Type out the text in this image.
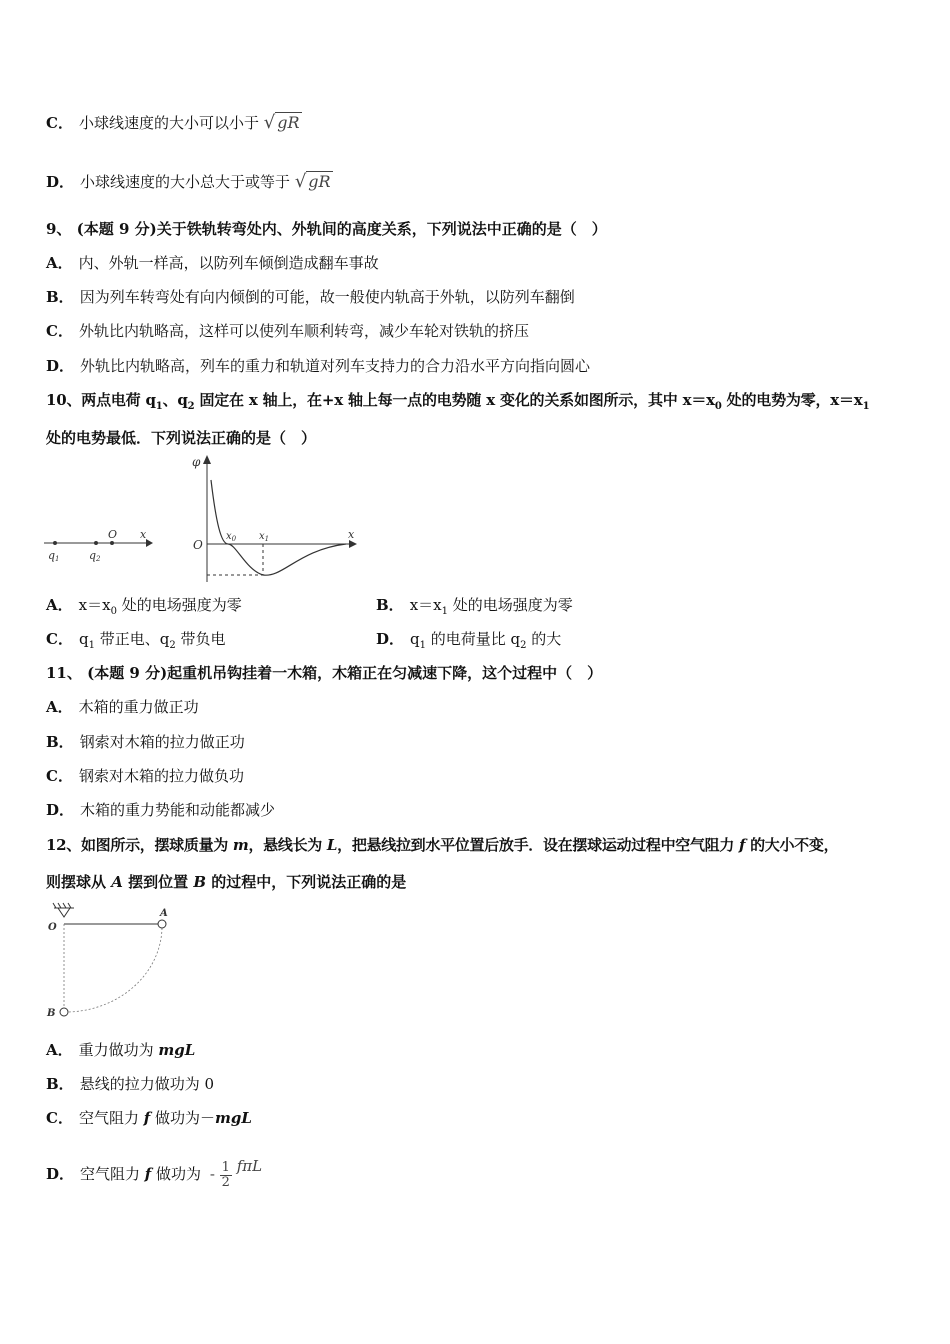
C． 小球线速度的大小可以小于 √ gR
D． 小球线速度的大小总大于或等于 √ gR
9、 (本题 9 分)关于铁轨转弯处内、外轨间的高度关系，下列说法中正确的是（　）
A． 内、外轨一样高，以防列车倾倒造成翻车事故
B． 因为列车转弯处有向内倾倒的可能，故一般使内轨高于外轨，以防列车翻倒
C． 外轨比内轨略高，这样可以使列车顺利转弯，减少车轮对铁轨的挤压
D． 外轨比内轨略高，列车的重力和轨道对列车支持力的合力沿水平方向指向圆心
10、两点电荷 $q_1$、$q_2$ 固定在 x 轴上，在+x 轴上每一点的电势随 x 变化的关系如图所示，其中 $x=x_0$ 处的电势为零，$x=x_1$
处的电势最低．下列说法正确的是（　）
q1	q2
O x
φ
O
$x_0$ $x_1$	x
A． $x=x_0$ 处的电场强度为零	B． $x=x_1$ 处的电场强度为零
C． $q_1$ 带正电、$q_2$ 带负电	D． $q_1$ 的电荷量比 $q_2$ 的大
11、 (本题 9 分)起重机吊钩挂着一木箱，木箱正在匀减速下降，这个过程中（　）
A． 木箱的重力做正功
B． 钢索对木箱的拉力做正功
C． 钢索对木箱的拉力做负功
D． 木箱的重力势能和动能都减少
12、如图所示，摆球质量为 m，悬线长为 L，把悬线拉到水平位置后放手．设在摆球运动过程中空气阻力 f 的大小不变，
则摆球从 A 摆到位置 B 的过程中，下列说法正确的是
O
A
B
A． 重力做功为 mgL
B． 悬线的拉力做功为 0
C． 空气阻力 f 做功为－mgL
D． 空气阻力 f 做功为 - $\frac{1}{2}$ fπL
